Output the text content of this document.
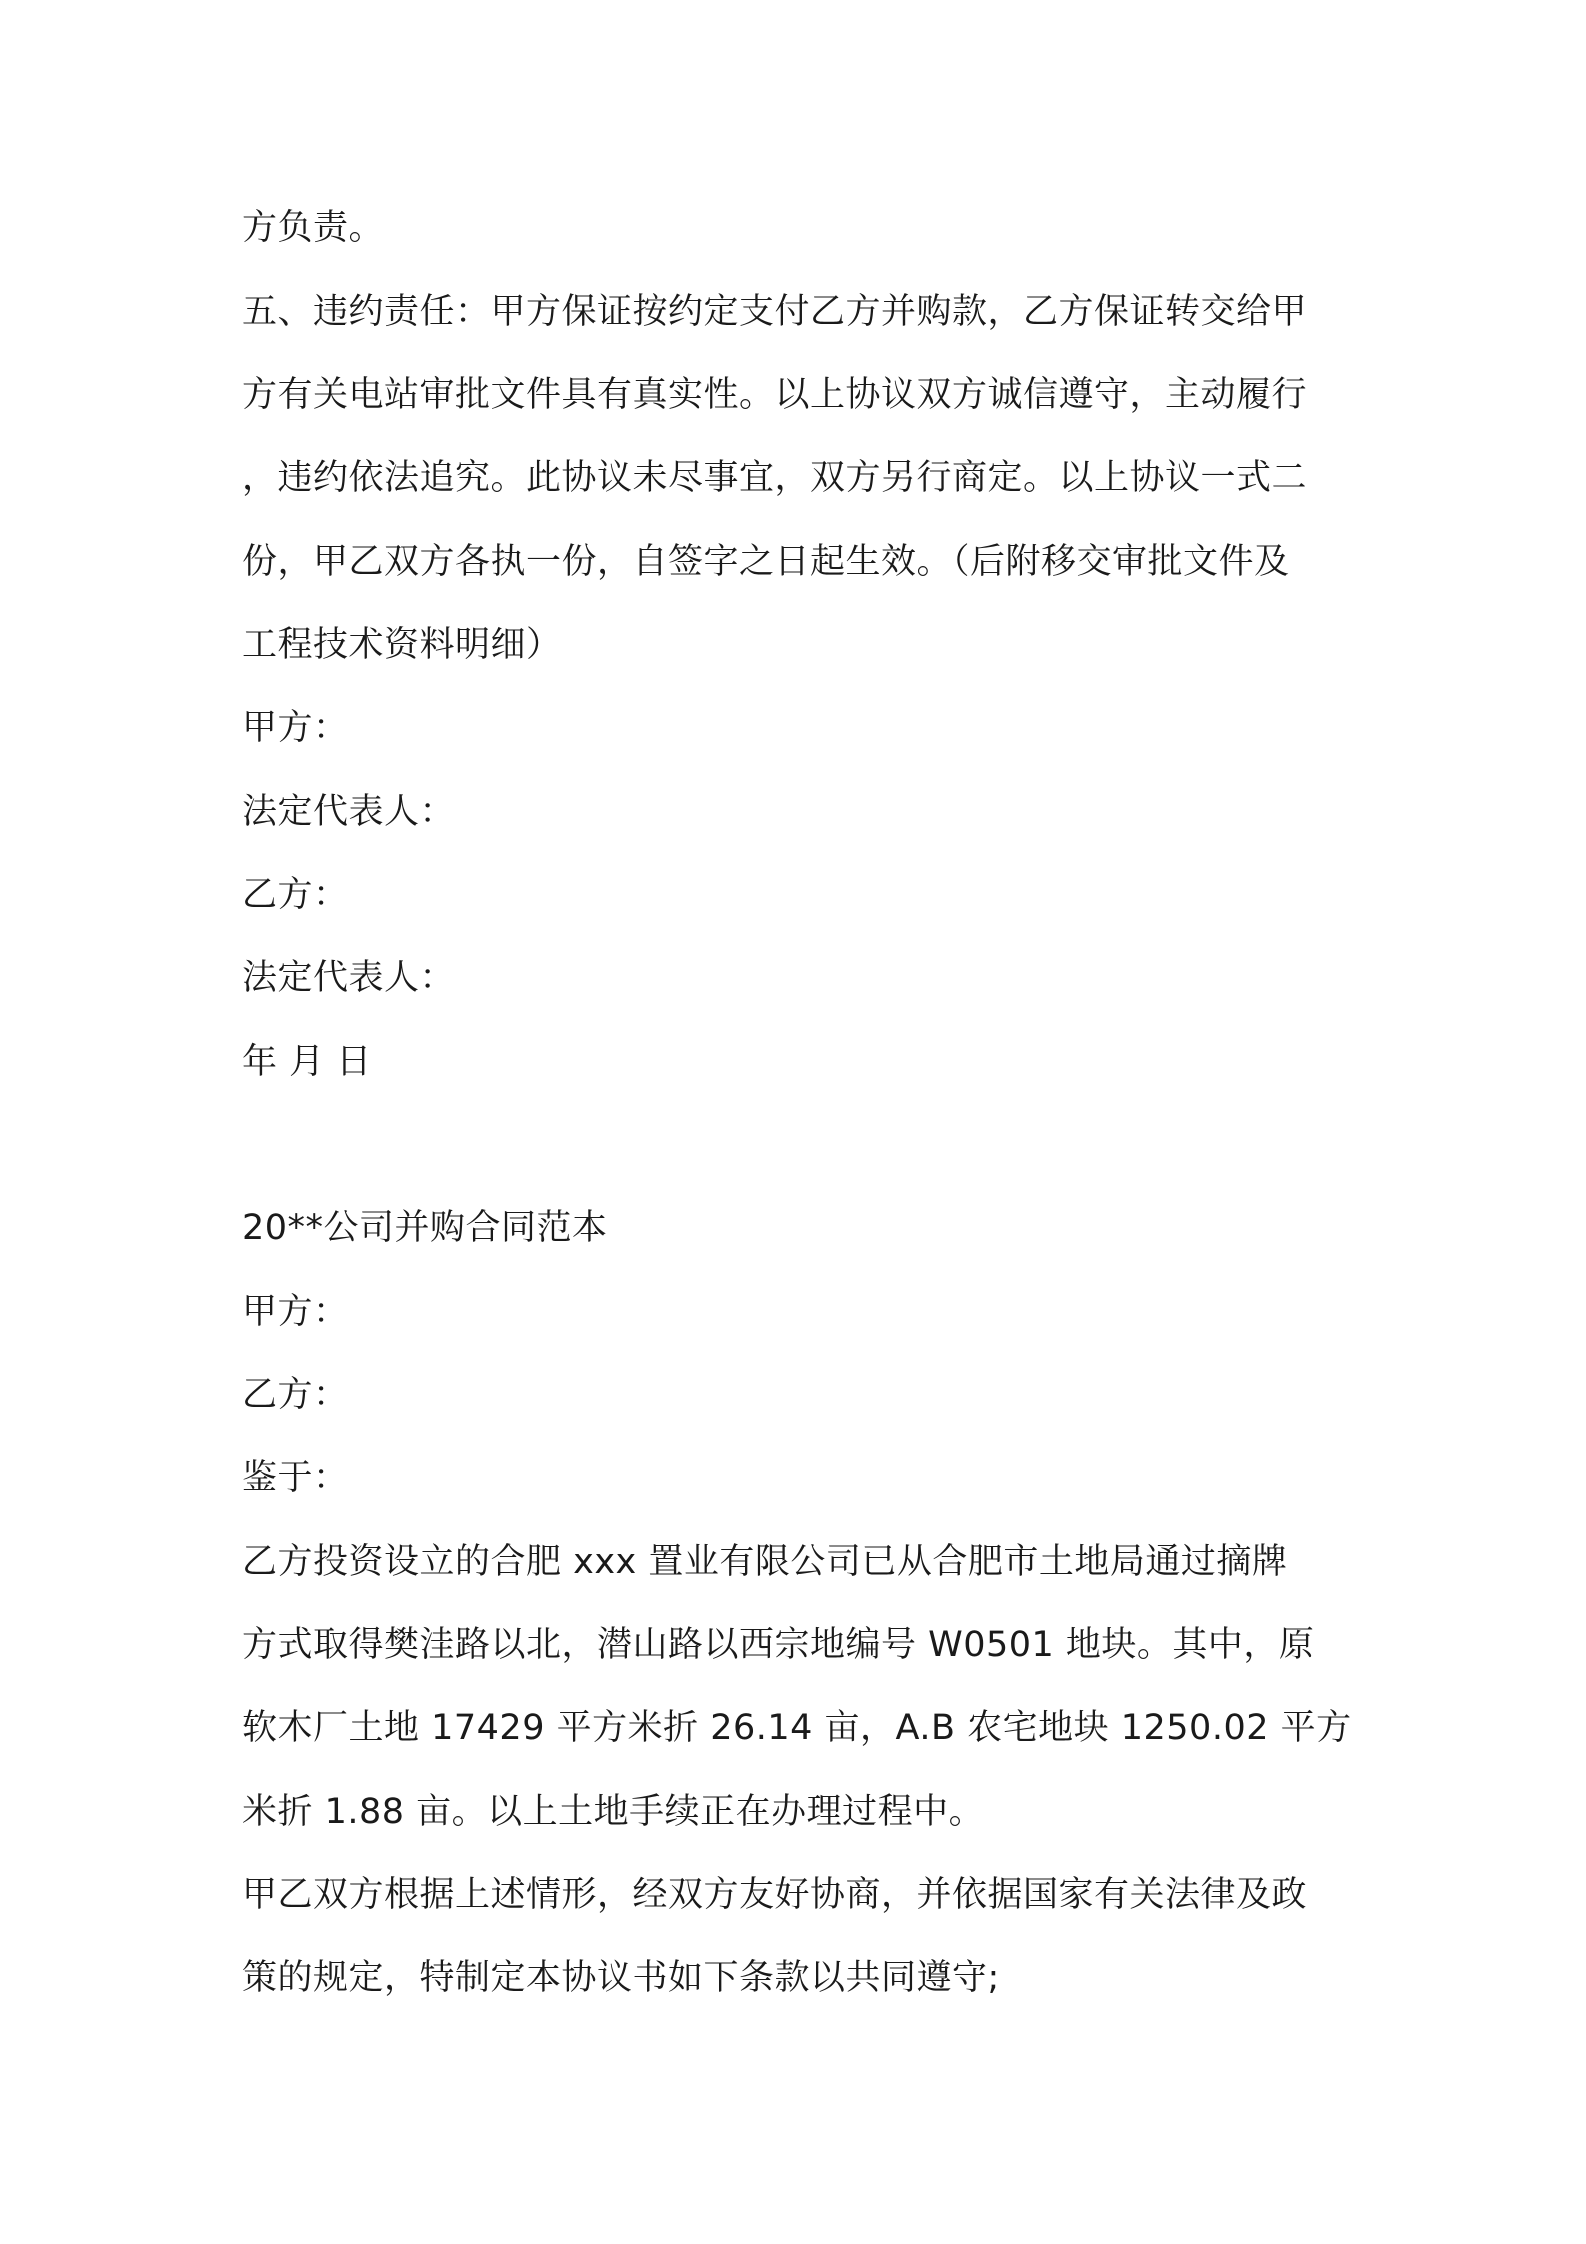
方负责。
五、违约责任：甲方保证按约定支付乙方并购款，乙方保证转交给甲
方有关电站审批文件具有真实性。以上协议双方诚信遵守，主动履行
，违约依法追究。此协议未尽事宜，双方另行商定。以上协议一式二
份，甲乙双方各执一份，自签字之日起生效。（后附移交审批文件及
工程技术资料明细）
甲方：
法定代表人：
乙方：
法定代表人：
年 月 日
20**公司并购合同范本
甲方：
乙方：
鉴于：
乙方投资设立的合肥 xxx 置业有限公司已从合肥市土地局通过摘牌
方式取得樊洼路以北，潜山路以西宗地编号 W0501 地块。其中，原
软木厂土地 17429 平方米折 26.14 亩，A.B 农宅地块 1250.02 平方
米折 1.88 亩。以上土地手续正在办理过程中。
甲乙双方根据上述情形，经双方友好协商，并依据国家有关法律及政
策的规定，特制定本协议书如下条款以共同遵守;
